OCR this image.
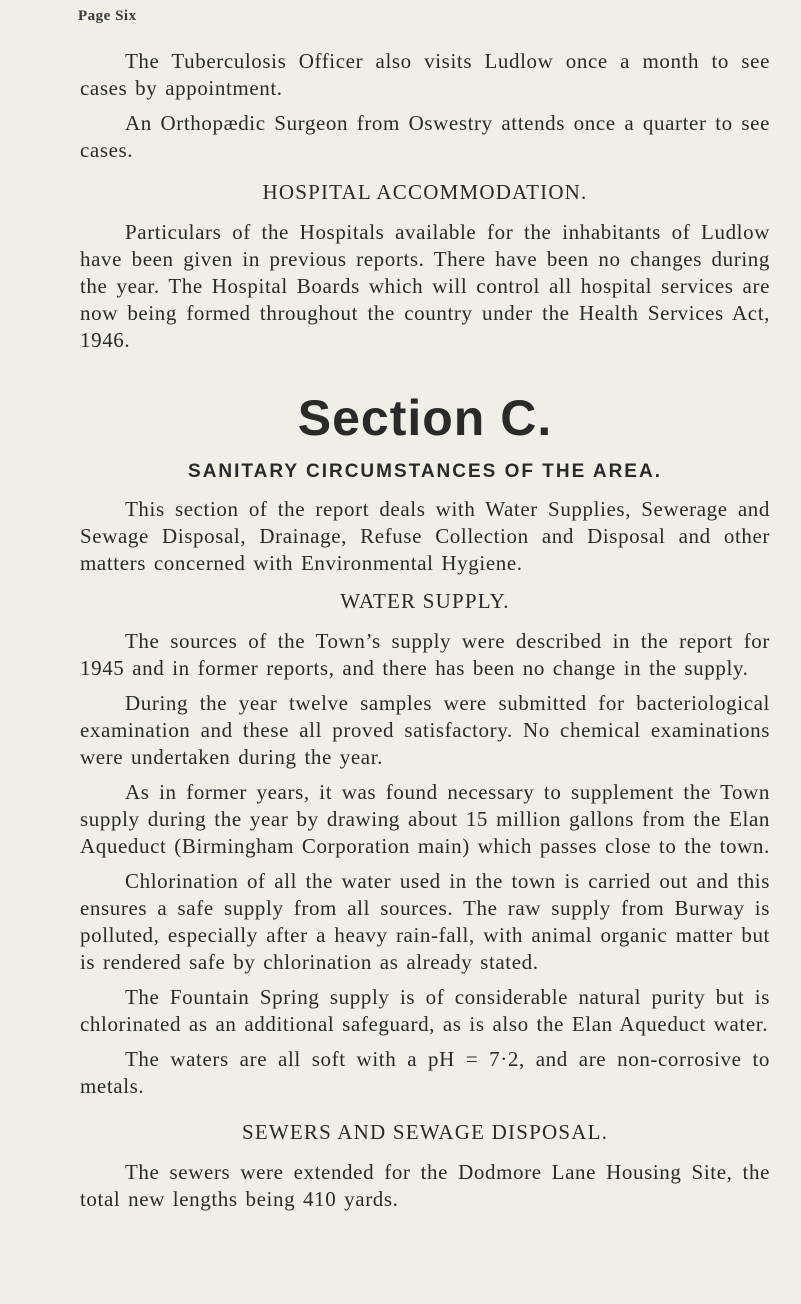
Page Six

The Tuberculosis Officer also visits Ludlow once a month to see cases by appointment.

An Orthopædic Surgeon from Oswestry attends once a quarter to see cases.

HOSPITAL ACCOMMODATION.

Particulars of the Hospitals available for the inhabitants of Ludlow have been given in previous reports. There have been no changes during the year. The Hospital Boards which will control all hospital services are now being formed throughout the country under the Health Services Act, 1946.

Section C.
SANITARY CIRCUMSTANCES OF THE AREA.

This section of the report deals with Water Supplies, Sewerage and Sewage Disposal, Drainage, Refuse Collection and Disposal and other matters concerned with Environmental Hygiene.

WATER SUPPLY.

The sources of the Town’s supply were described in the report for 1945 and in former reports, and there has been no change in the supply.

During the year twelve samples were submitted for bacteriological examination and these all proved satisfactory. No chemical examinations were undertaken during the year.

As in former years, it was found necessary to supplement the Town supply during the year by drawing about 15 million gallons from the Elan Aqueduct (Birmingham Corporation main) which passes close to the town.

Chlorination of all the water used in the town is carried out and this ensures a safe supply from all sources. The raw supply from Burway is polluted, especially after a heavy rain-fall, with animal organic matter but is rendered safe by chlorination as already stated.

The Fountain Spring supply is of considerable natural purity but is chlorinated as an additional safeguard, as is also the Elan Aqueduct water.

The waters are all soft with a pH = 7·2, and are non-corrosive to metals.

SEWERS AND SEWAGE DISPOSAL.

The sewers were extended for the Dodmore Lane Housing Site, the total new lengths being 410 yards.
